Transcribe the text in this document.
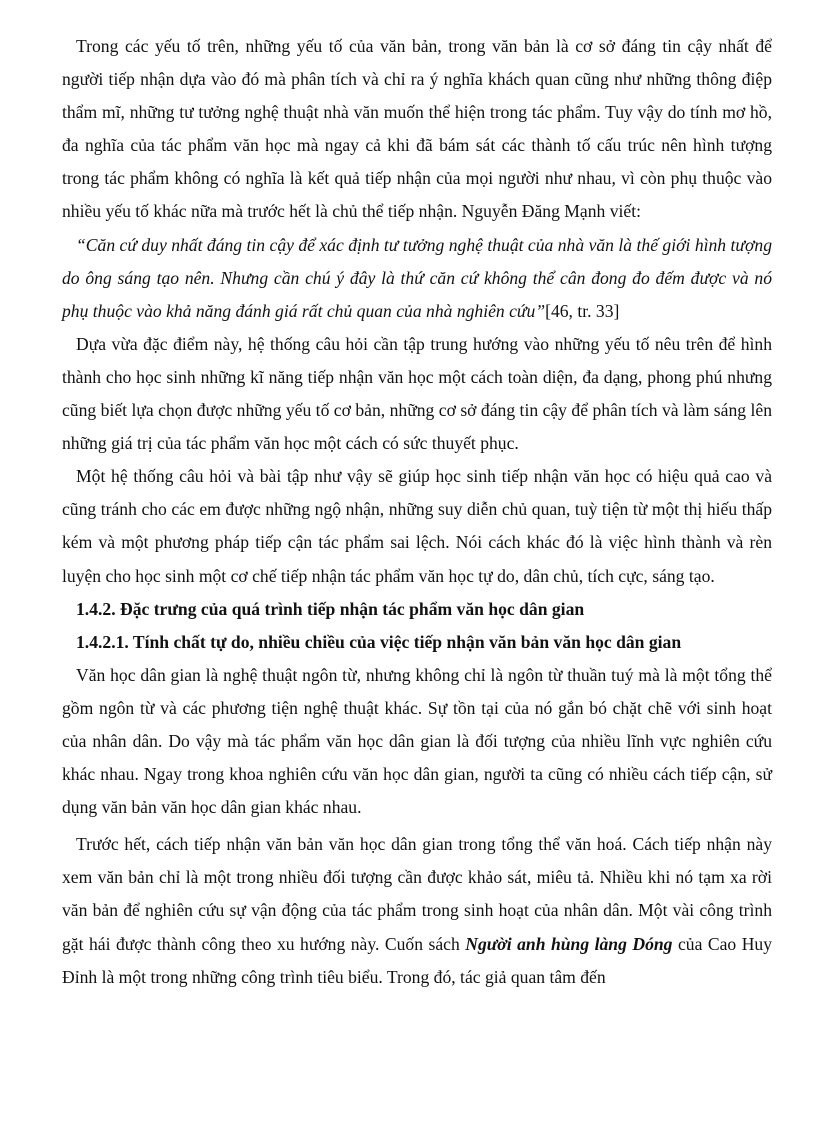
Trong các yếu tố trên, những yếu tố của văn bản, trong văn bản là cơ sở đáng tin cậy nhất để người tiếp nhận dựa vào đó mà phân tích và chỉ ra ý nghĩa khách quan cũng như những thông điệp thẩm mĩ, những tư tưởng nghệ thuật nhà văn muốn thể hiện trong tác phẩm. Tuy vậy do tính mơ hồ, đa nghĩa của tác phẩm văn học mà ngay cả khi đã bám sát các thành tố cấu trúc nên hình tượng trong tác phẩm không có nghĩa là kết quả tiếp nhận của mọi người như nhau, vì còn phụ thuộc vào nhiều yếu tố khác nữa mà trước hết là chủ thể tiếp nhận. Nguyễn Đăng Mạnh viết:

“Căn cứ duy nhất đáng tin cậy để xác định tư tưởng nghệ thuật của nhà văn là thế giới hình tượng do ông sáng tạo nên. Nhưng cần chú ý đây là thứ căn cứ không thể cân đong đo đếm được và nó phụ thuộc vào khả năng đánh giá rất chủ quan của nhà nghiên cứu”[46, tr. 33]

Dựa vừa đặc điểm này, hệ thống câu hỏi cần tập trung hướng vào những yếu tố nêu trên để hình thành cho học sinh những kĩ năng tiếp nhận văn học một cách toàn diện, đa dạng, phong phú nhưng cũng biết lựa chọn được những yếu tố cơ bản, những cơ sở đáng tin cậy để phân tích và làm sáng lên những giá trị của tác phẩm văn học một cách có sức thuyết phục.

Một hệ thống câu hỏi và bài tập như vậy sẽ giúp học sinh tiếp nhận văn học có hiệu quả cao và cũng tránh cho các em được những ngộ nhận, những suy diễn chủ quan, tuỳ tiện từ một thị hiếu thấp kém và một phương pháp tiếp cận tác phẩm sai lệch. Nói cách khác đó là việc hình thành và rèn luyện cho học sinh một cơ chế tiếp nhận tác phẩm văn học tự do, dân chủ, tích cực, sáng tạo.

1.4.2. Đặc trưng của quá trình tiếp nhận tác phẩm văn học dân gian

1.4.2.1. Tính chất tự do, nhiều chiều của việc tiếp nhận văn bản văn học dân gian

Văn học dân gian là nghệ thuật ngôn từ, nhưng không chỉ là ngôn từ thuần tuý mà là một tổng thể gồm ngôn từ và các phương tiện nghệ thuật khác. Sự tồn tại của nó gắn bó chặt chẽ với sinh hoạt của nhân dân. Do vậy mà tác phẩm văn học dân gian là đối tượng của nhiều lĩnh vực nghiên cứu khác nhau. Ngay trong khoa nghiên cứu văn học dân gian, người ta cũng có nhiều cách tiếp cận, sử dụng văn bản văn học dân gian khác nhau.

Trước hết, cách tiếp nhận văn bản văn học dân gian trong tổng thể văn hoá. Cách tiếp nhận này xem văn bản chỉ là một trong nhiều đối tượng cần được khảo sát, miêu tả. Nhiều khi nó tạm xa rời văn bản để nghiên cứu sự vận động của tác phẩm trong sinh hoạt của nhân dân. Một vài công trình gặt hái được thành công theo xu hướng này. Cuốn sách Người anh hùng làng Dóng của Cao Huy Đỉnh là một trong những công trình tiêu biểu. Trong đó, tác giả quan tâm đến
